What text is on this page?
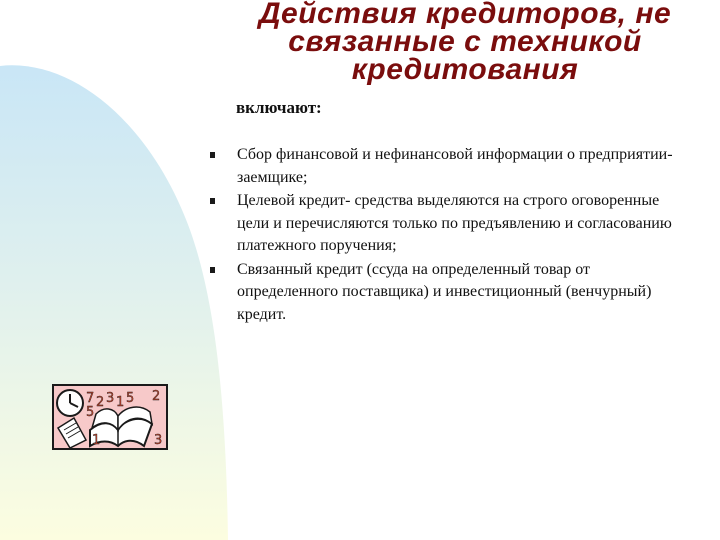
Действия кредиторов, не
связанные с техникой
кредитования
включают:
Сбор финансовой и нефинансовой информации о предприятии-заемщике;
Целевой кредит- средства выделяются на строго оговоренные цели и перечисляются только по предъявлению и согласованию платежного поручения;
Связанный кредит (ссуда на определенный товар от определенного поставщика) и инвестиционный (венчурный) кредит.
7 2 3 1 5 2
5
1	3
